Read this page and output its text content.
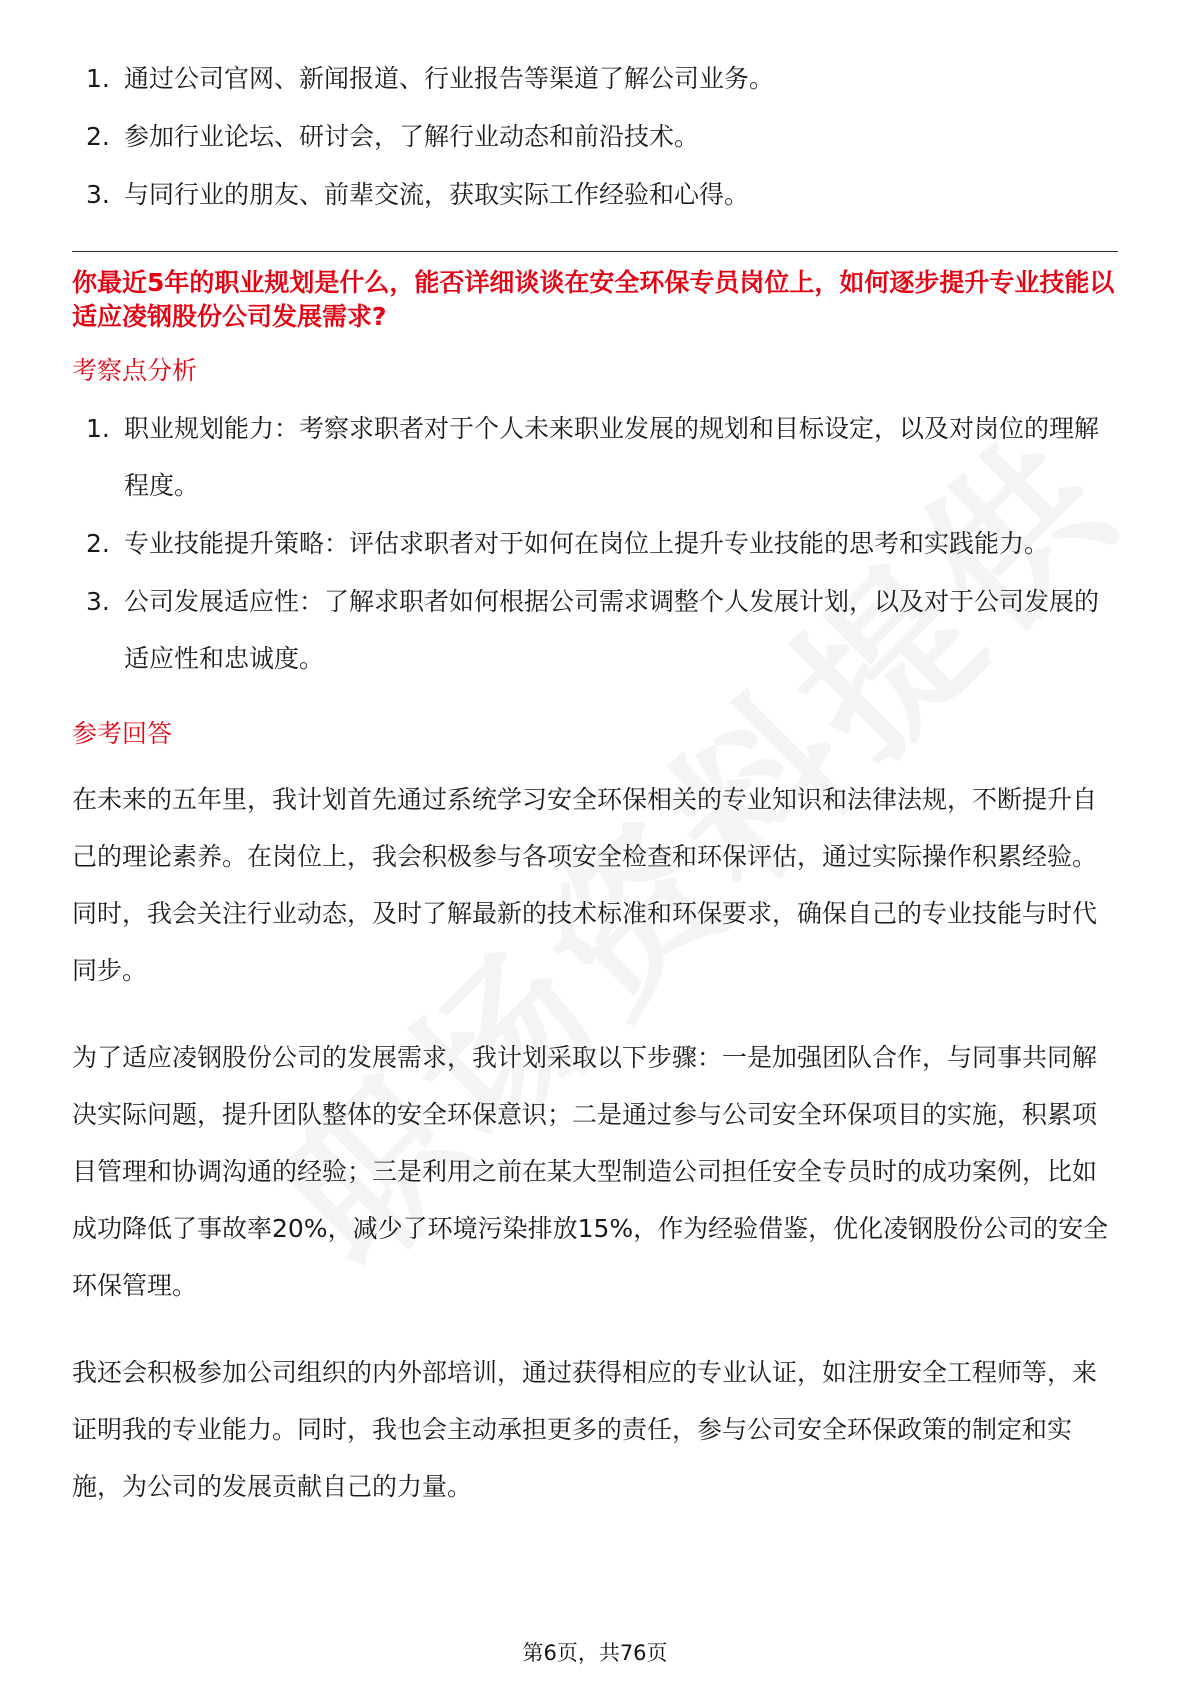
1. 通过公司官网、新闻报道、行业报告等渠道了解公司业务。
2. 参加行业论坛、研讨会，了解行业动态和前沿技术。
3. 与同行业的朋友、前辈交流，获取实际工作经验和心得。

你最近5年的职业规划是什么，能否详细谈谈在安全环保专员岗位上，如何逐步提升专业技能以适应凌钢股份公司发展需求?

考察点分析
1. 职业规划能力：考察求职者对于个人未来职业发展的规划和目标设定，以及对岗位的理解程度。
2. 专业技能提升策略：评估求职者对于如何在岗位上提升专业技能的思考和实践能力。
3. 公司发展适应性：了解求职者如何根据公司需求调整个人发展计划，以及对于公司发展的适应性和忠诚度。
参考回答

在未来的五年里，我计划首先通过系统学习安全环保相关的专业知识和法律法规，不断提升自己的理论素养。在岗位上，我会积极参与各项安全检查和环保评估，通过实际操作积累经验。同时，我会关注行业动态，及时了解最新的技术标准和环保要求，确保自己的专业技能与时代同步。

为了适应凌钢股份公司的发展需求，我计划采取以下步骤：一是加强团队合作，与同事共同解决实际问题，提升团队整体的安全环保意识；二是通过参与公司安全环保项目的实施，积累项目管理和协调沟通的经验；三是利用之前在某大型制造公司担任安全专员时的成功案例，比如成功降低了事故率20%，减少了环境污染排放15%，作为经验借鉴，优化凌钢股份公司的安全环保管理。

我还会积极参加公司组织的内外部培训，通过获得相应的专业认证，如注册安全工程师等，来证明我的专业能力。同时，我也会主动承担更多的责任，参与公司安全环保政策的制定和实施，为公司的发展贡献自己的力量。

第6页，共76页
